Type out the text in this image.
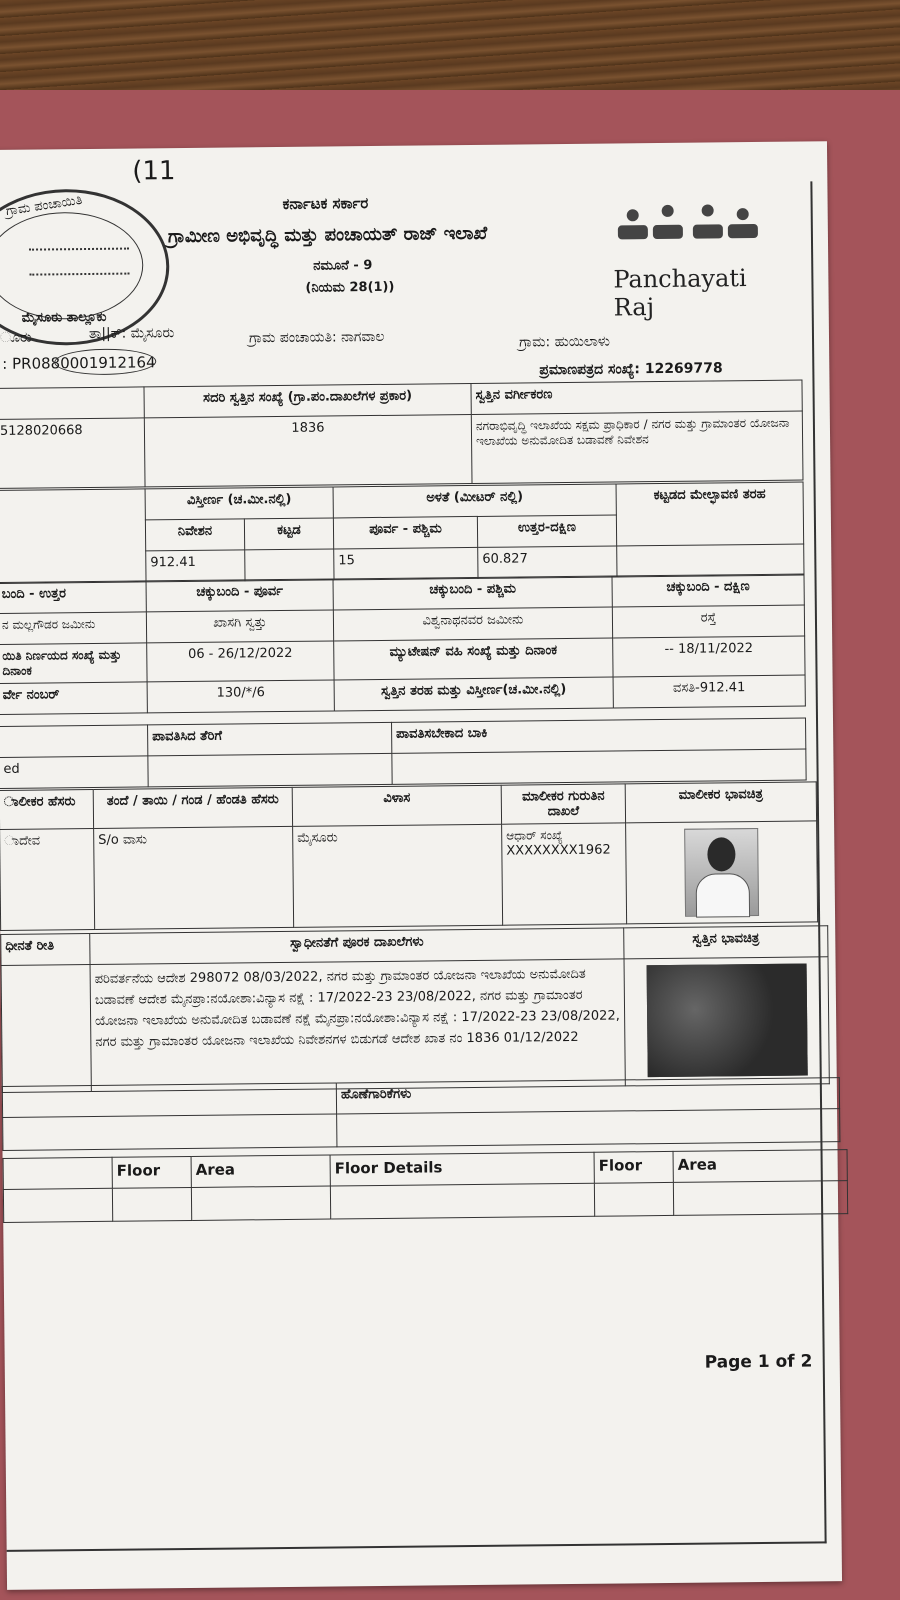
ಗ್ರಾಮ ಪಂಚಾಯಿತಿ
ಮೈಸೂರು ತಾಲ್ಲೂಕು
(11
ಕರ್ನಾಟಕ ಸರ್ಕಾರ
ಗ್ರಾಮೀಣ ಅಭಿವೃದ್ಧಿ ಮತ್ತು ಪಂಚಾಯತ್ ರಾಜ್ ಇಲಾಖೆ
ನಮೂನೆ - 9
(ನಿಯಮ 28(1))	Panchayati Raj
ೂರು	ತಾ||ಕ್: ಮೈಸೂರು	ಗ್ರಾಮ ಪಂಚಾಯತಿ: ನಾಗವಾಲ	ಗ್ರಾಮ: ಹುಯಿಲಾಳು
: PR0880001912164	ಪ್ರಮಾಣಪತ್ರದ ಸಂಖ್ಯೆ: 12269778
	ಸದರಿ ಸ್ವತ್ತಿನ ಸಂಖ್ಯೆ (ಗ್ರಾ.ಪಂ.ದಾಖಲೆಗಳ ಪ್ರಕಾರ)	ಸ್ವತ್ತಿನ ವರ್ಗೀಕರಣ
5128020668	1836	ನಗರಾಭಿವೃದ್ಧಿ ಇಲಾಖೆಯ ಸಕ್ಷಮ ಪ್ರಾಧಿಕಾರ / ನಗರ ಮತ್ತು ಗ್ರಾಮಾಂತರ ಯೋಜನಾ ಇಲಾಖೆಯ ಅನುಮೋದಿತ ಬಡಾವಣೆ ನಿವೇಶನ
	ವಿಸ್ತೀರ್ಣ (ಚ.ಮೀ.ನಲ್ಲಿ)		ಅಳತೆ (ಮೀಟರ್ ನಲ್ಲಿ)		ಕಟ್ಟಡದ ಮೇಲ್ಛಾವಣಿ ತರಹ
	ನಿವೇಶನ	ಕಟ್ಟಡ	ಪೂರ್ವ - ಪಶ್ಚಿಮ	ಉತ್ತರ-ದಕ್ಷಿಣ	
	912.41		15	60.827	
ಬಂದಿ - ಉತ್ತರ	ಚಕ್ಕುಬಂದಿ - ಪೂರ್ವ	ಚಕ್ಕುಬಂದಿ - ಪಶ್ಚಿಮ	ಚಕ್ಕುಬಂದಿ - ದಕ್ಷಿಣ
ನ ಮಲ್ಲಗೌಡರ ಜಮೀನು	ಖಾಸಗಿ ಸ್ವತ್ತು	ವಿಶ್ವನಾಥನವರ ಜಮೀನು	ರಸ್ತೆ
ಯಿತಿ ನಿರ್ಣಯದ ಸಂಖ್ಯೆ ಮತ್ತು ದಿನಾಂಕ	06 - 26/12/2022	ಮ್ಯುಟೇಷನ್ ವಹಿ ಸಂಖ್ಯೆ ಮತ್ತು ದಿನಾಂಕ	-- 18/11/2022
ರ್ವೇ ನಂಬರ್	130/*/6	ಸ್ವತ್ತಿನ ತರಹ ಮತ್ತು ವಿಸ್ತೀರ್ಣ(ಚ.ಮೀ.ನಲ್ಲಿ)	ವಸತಿ-912.41
	ಪಾವತಿಸಿದ ತೆರಿಗೆ	ಪಾವತಿಸಬೇಕಾದ ಬಾಕಿ
ed		
ಾಲೀಕರ ಹೆಸರು	ತಂದೆ / ತಾಯಿ / ಗಂಡ / ಹೆಂಡತಿ ಹೆಸರು	ವಿಳಾಸ	ಮಾಲೀಕರ ಗುರುತಿನ ದಾಖಲೆ	ಮಾಲೀಕರ ಭಾವಚಿತ್ರ
ಾದೇವ	S/o ವಾಸು	ಮೈಸೂರು	ಆಧಾರ್ ಸಂಖ್ಯೆ
XXXXXXXX1962	

ಧೀನತೆ ರೀತಿ	ಸ್ವಾಧೀನತೆಗೆ ಪೂರಕ ದಾಖಲೆಗಳು	ಸ್ವತ್ತಿನ ಭಾವಚಿತ್ರ
	ಪರಿವರ್ತನೆಯ ಆದೇಶ 298072 08/03/2022, ನಗರ ಮತ್ತು ಗ್ರಾಮಾಂತರ ಯೋಜನಾ ಇಲಾಖೆಯ ಅನುಮೋದಿತ ಬಡಾವಣೆ ಆದೇಶ ಮೈನಪ್ರಾ:ನಯೋಶಾ:ವಿನ್ಯಾಸ ನಕ್ಷೆ : 17/2022-23 23/08/2022, ನಗರ ಮತ್ತು ಗ್ರಾಮಾಂತರ ಯೋಜನಾ ಇಲಾಖೆಯ ಅನುಮೋದಿತ ಬಡಾವಣೆ ನಕ್ಷೆ ಮೈನಪ್ರಾ:ನಯೋಶಾ:ವಿನ್ಯಾಸ ನಕ್ಷೆ : 17/2022-23 23/08/2022, ನಗರ ಮತ್ತು ಗ್ರಾಮಾಂತರ ಯೋಜನಾ ಇಲಾಖೆಯ ನಿವೇಶನಗಳ ಬಿಡುಗಡೆ ಆದೇಶ ಖಾತ ನಂ 1836 01/12/2022	
	ಹೊಣೆಗಾರಿಕೆಗಳು

	Floor	Area	Floor Details	Floor	Area

Page 1 of 2
